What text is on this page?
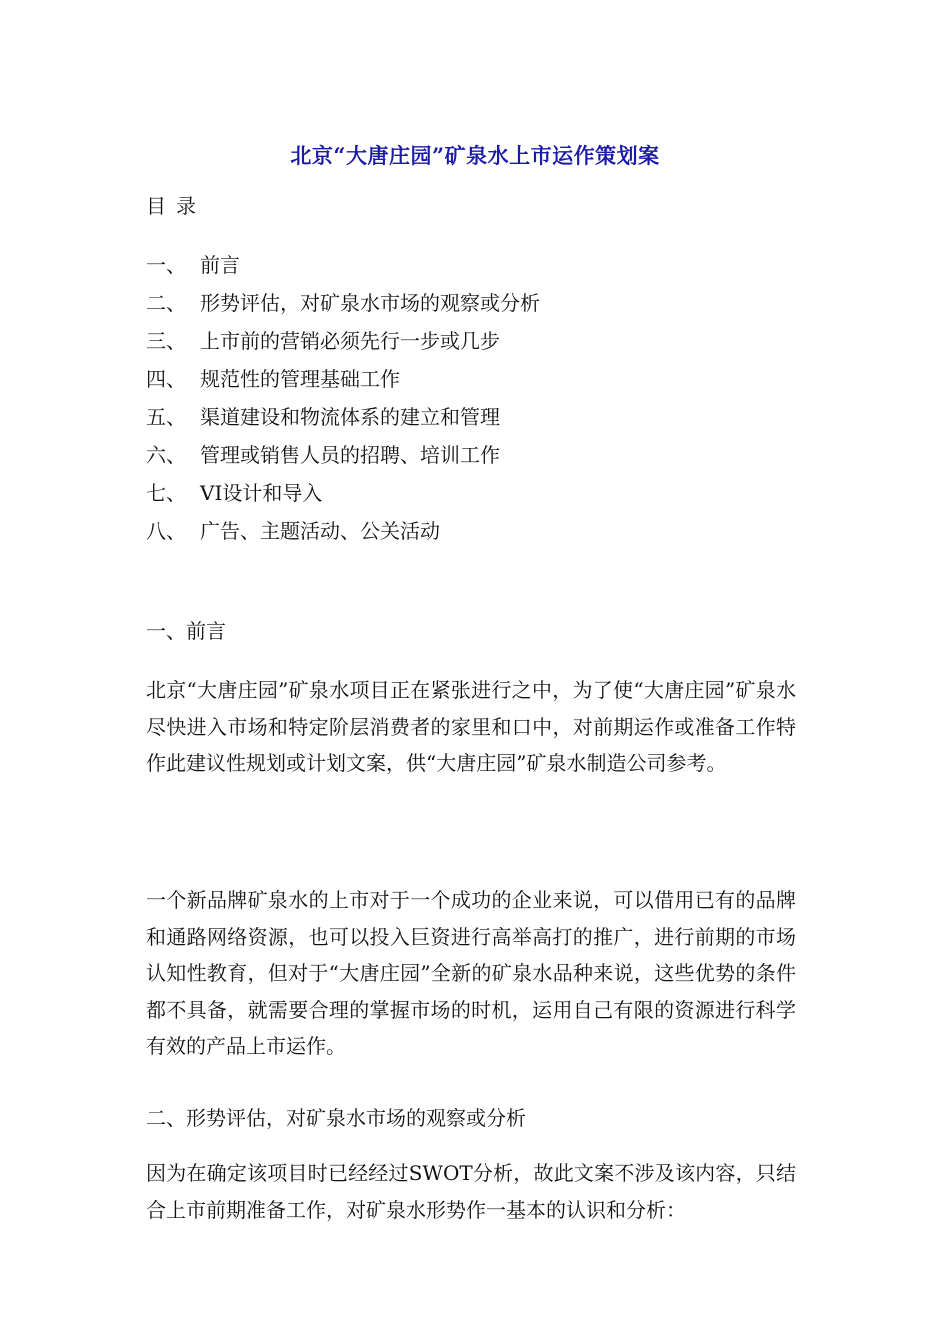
北京“大唐庄园”矿泉水上市运作策划案
目录
一、 前言
二、 形势评估，对矿泉水市场的观察或分析
三、 上市前的营销必须先行一步或几步
四、 规范性的管理基础工作
五、 渠道建设和物流体系的建立和管理
六、 管理或销售人员的招聘、培训工作
七、 VI设计和导入
八、 广告、主题活动、公关活动
一、前言

北京“大唐庄园”矿泉水项目正在紧张进行之中，为了使“大唐庄园”矿泉水尽快进入市场和特定阶层消费者的家里和口中，对前期运作或准备工作特作此建议性规划或计划文案，供“大唐庄园”矿泉水制造公司参考。

一个新品牌矿泉水的上市对于一个成功的企业来说，可以借用已有的品牌和通路网络资源，也可以投入巨资进行高举高打的推广，进行前期的市场认知性教育，但对于“大唐庄园”全新的矿泉水品种来说，这些优势的条件都不具备，就需要合理的掌握市场的时机，运用自己有限的资源进行科学有效的产品上市运作。

二、形势评估，对矿泉水市场的观察或分析

因为在确定该项目时已经经过SWOT分析，故此文案不涉及该内容，只结合上市前期准备工作，对矿泉水形势作一基本的认识和分析：
